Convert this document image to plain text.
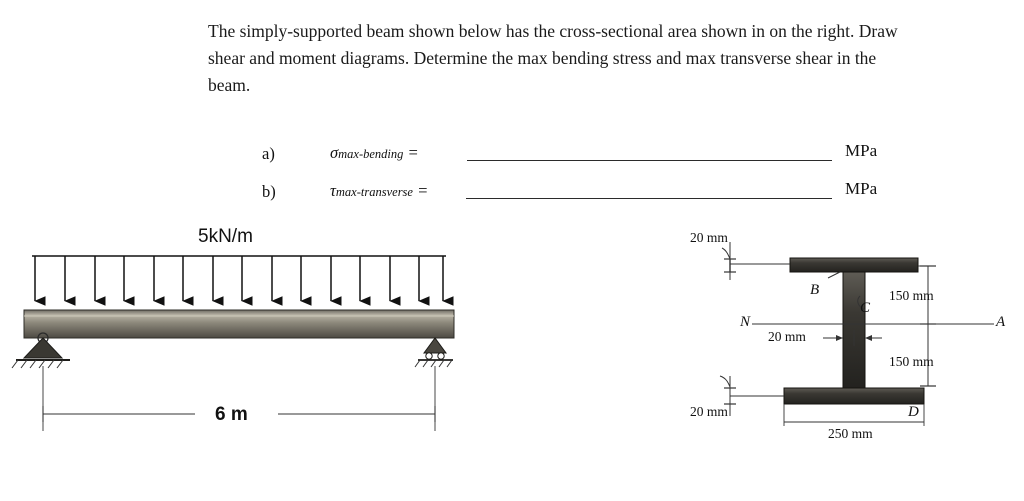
The simply-supported beam shown below has the cross-sectional area shown in on the right. Draw shear and moment diagrams. Determine the max bending stress and max transverse shear in the beam.
a)	σmax-bending =	MPa
b)	τmax-transverse =	MPa
5kN/m
6 m
20 mm
20 mm
20 mm
150 mm
150 mm
250 mm
B
C
N	A
D
